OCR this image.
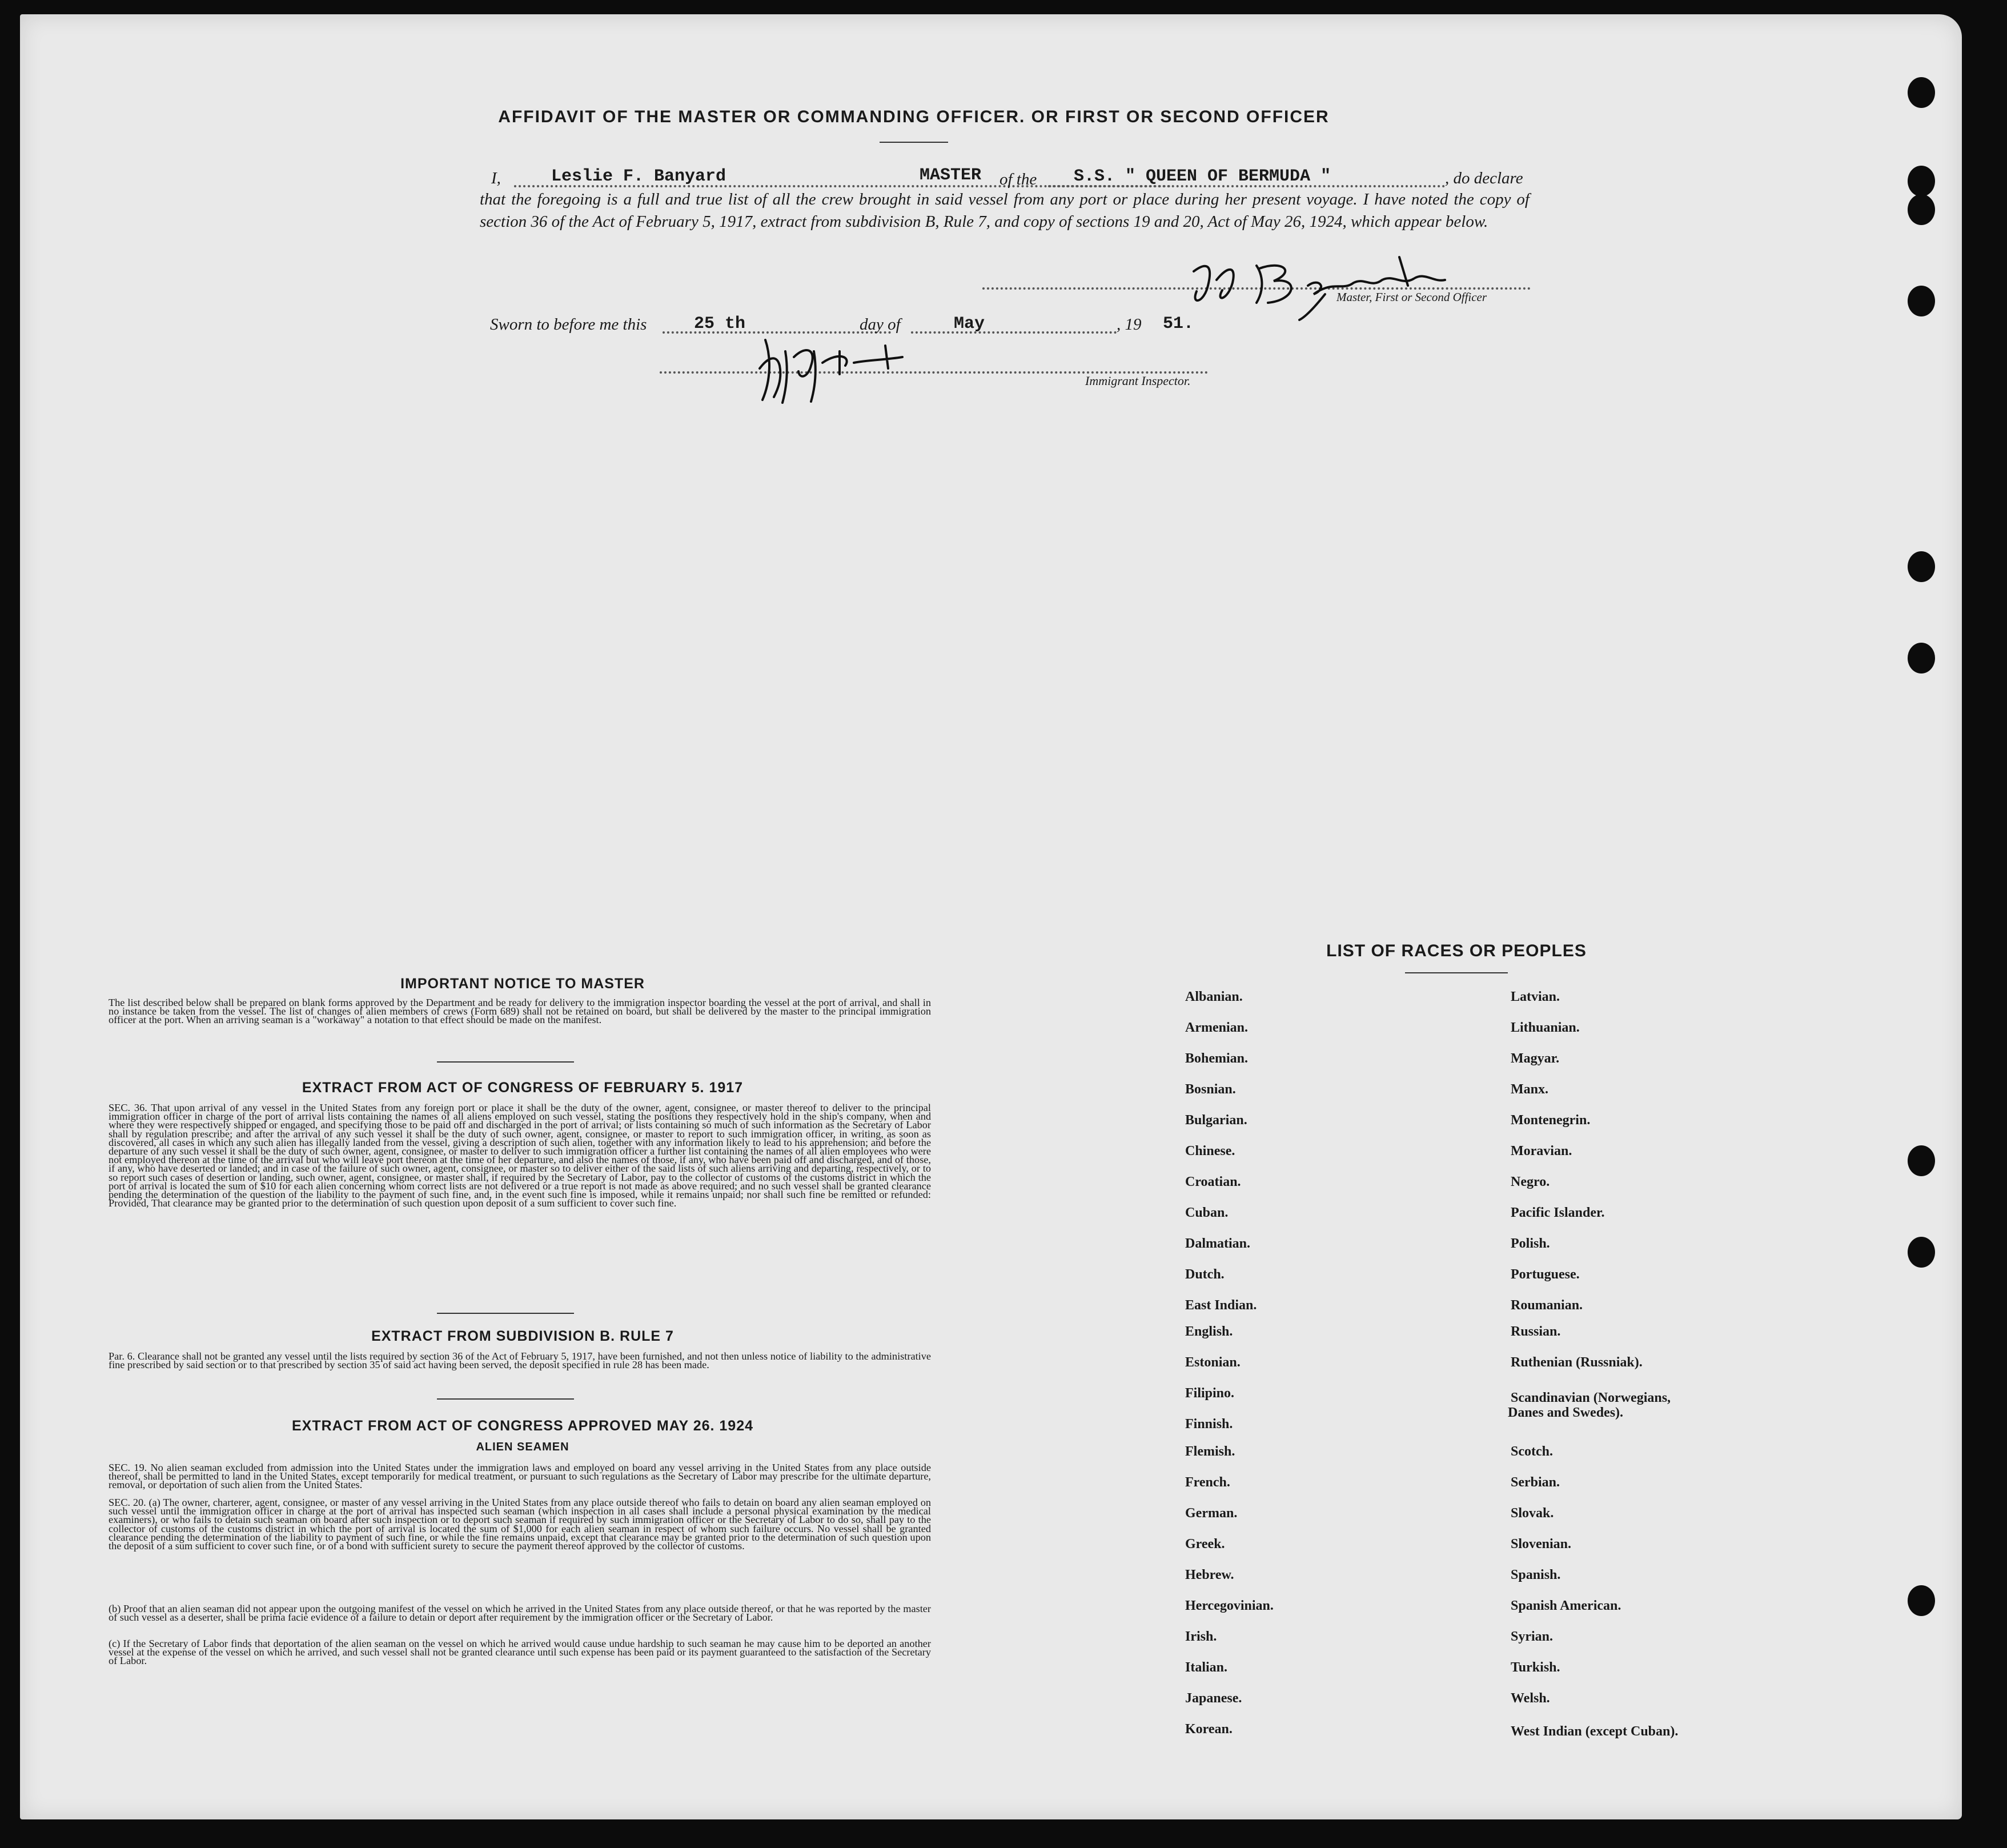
AFFIDAVIT OF THE MASTER OR COMMANDING OFFICER. OR FIRST OR SECOND OFFICER
I,	Leslie F. Banyard	MASTER of the S.S. " QUEEN OF BERMUDA "	, do declare

that the foregoing is a full and true list of all the crew brought in said vessel from any port or place during her present voyage. I have noted the copy of section 36 of the Act of February 5, 1917, extract from subdivision B, Rule 7, and copy of sections 19 and 20, Act of May 26, 1924, which appear below.

Master, First or Second Officer
Sworn to before me this	25 th	day of	May	, 19 51.
Immigrant Inspector.
IMPORTANT NOTICE TO MASTER

The list described below shall be prepared on blank forms approved by the Department and be ready for delivery to the immigration inspector boarding the vessel at the port of arrival, and shall in no instance be taken from the vessel. The list of changes of alien members of crews (Form 689) shall not be retained on board, but shall be delivered by the master to the principal immigration officer at the port. When an arriving seaman is a "workaway" a notation to that effect should be made on the manifest.

EXTRACT FROM ACT OF CONGRESS OF FEBRUARY 5. 1917

SEC. 36. That upon arrival of any vessel in the United States from any foreign port or place it shall be the duty of the owner, agent, consignee, or master thereof to deliver to the principal immigration officer in charge of the port of arrival lists containing the names of all aliens employed on such vessel, stating the positions they respectively hold in the ship's company, when and where they were respectively shipped or engaged, and specifying those to be paid off and discharged in the port of arrival; or lists containing so much of such information as the Secretary of Labor shall by regulation prescribe; and after the arrival of any such vessel it shall be the duty of such owner, agent, consignee, or master to report to such immigration officer, in writing, as soon as discovered, all cases in which any such alien has illegally landed from the vessel, giving a description of such alien, together with any information likely to lead to his apprehension; and before the departure of any such vessel it shall be the duty of such owner, agent, consignee, or master to deliver to such immigration officer a further list containing the names of all alien employees who were not employed thereon at the time of the arrival but who will leave port thereon at the time of her departure, and also the names of those, if any, who have been paid off and discharged, and of those, if any, who have deserted or landed; and in case of the failure of such owner, agent, consignee, or master so to deliver either of the said lists of such aliens arriving and departing, respectively, or to so report such cases of desertion or landing, such owner, agent, consignee, or master shall, if required by the Secretary of Labor, pay to the collector of customs of the customs district in which the port of arrival is located the sum of $10 for each alien concerning whom correct lists are not delivered or a true report is not made as above required; and no such vessel shall be granted clearance pending the determination of the question of the liability to the payment of such fine, and, in the event such fine is imposed, while it remains unpaid; nor shall such fine be remitted or refunded: Provided, That clearance may be granted prior to the determination of such question upon deposit of a sum sufficient to cover such fine.

EXTRACT FROM SUBDIVISION B. RULE 7

Par. 6. Clearance shall not be granted any vessel until the lists required by section 36 of the Act of February 5, 1917, have been furnished, and not then unless notice of liability to the administrative fine prescribed by said section or to that prescribed by section 35 of said act having been served, the deposit specified in rule 28 has been made.

EXTRACT FROM ACT OF CONGRESS APPROVED MAY 26. 1924
ALIEN SEAMEN

SEC. 19. No alien seaman excluded from admission into the United States under the immigration laws and employed on board any vessel arriving in the United States from any place outside thereof, shall be permitted to land in the United States, except temporarily for medical treatment, or pursuant to such regulations as the Secretary of Labor may prescribe for the ultimate departure, removal, or deportation of such alien from the United States.

SEC. 20. (a) The owner, charterer, agent, consignee, or master of any vessel arriving in the United States from any place outside thereof who fails to detain on board any alien seaman employed on such vessel until the immigration officer in charge at the port of arrival has inspected such seaman (which inspection in all cases shall include a personal physical examination by the medical examiners), or who fails to detain such seaman on board after such inspection or to deport such seaman if required by such immigration officer or the Secretary of Labor to do so, shall pay to the collector of customs of the customs district in which the port of arrival is located the sum of $1,000 for each alien seaman in respect of whom such failure occurs. No vessel shall be granted clearance pending the determination of the liability to payment of such fine, or while the fine remains unpaid, except that clearance may be granted prior to the determination of such question upon the deposit of a sum sufficient to cover such fine, or of a bond with sufficient surety to secure the payment thereof approved by the collector of customs.

(b) Proof that an alien seaman did not appear upon the outgoing manifest of the vessel on which he arrived in the United States from any place outside thereof, or that he was reported by the master of such vessel as a deserter, shall be prima facie evidence of a failure to detain or deport after requirement by the immigration officer or the Secretary of Labor.

(c) If the Secretary of Labor finds that deportation of the alien seaman on the vessel on which he arrived would cause undue hardship to such seaman he may cause him to be deported an another vessel at the expense of the vessel on which he arrived, and such vessel shall not be granted clearance until such expense has been paid or its payment guaranteed to the satisfaction of the Secretary of Labor.

LIST OF RACES OR PEOPLES
Albanian.
Armenian.
Bohemian.
Bosnian.
Bulgarian.
Chinese.
Croatian.
Cuban.
Dalmatian.
Dutch.
East Indian.
English.
Estonian.
Filipino.
Finnish.
Flemish.
French.
German.
Greek.
Hebrew.
Hercegovinian.
Irish.
Italian.
Japanese.
Korean.
Latvian.
Lithuanian.
Magyar.
Manx.
Montenegrin.
Moravian.
Negro.
Pacific Islander.
Polish.
Portuguese.
Roumanian.
Russian.
Ruthenian (Russniak).
Scandinavian (Norwegians,
Danes and Swedes).
Scotch.
Serbian.
Slovak.
Slovenian.
Spanish.
Spanish American.
Syrian.
Turkish.
Welsh.
West Indian (except Cuban).
